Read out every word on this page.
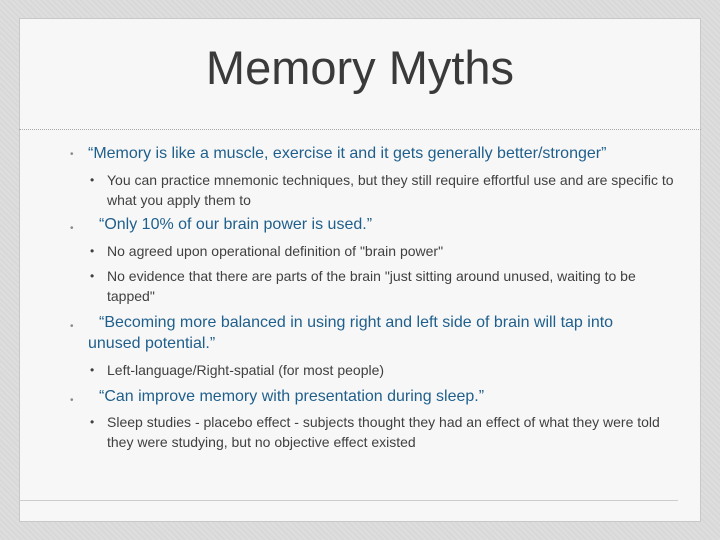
Memory Myths
• “Memory is like a muscle, exercise it and it gets generally better/stronger”
• You can practice mnemonic techniques, but they still require effortful use and are specific to what you apply them to
• “Only 10% of our brain power is used.”
• No agreed upon operational definition of "brain power"
• No evidence that there are parts of the brain "just sitting around unused, waiting to be tapped"
• “Becoming more balanced in using right and left side of brain will tap into unused potential.”
• Left-language/Right-spatial (for most people)
• “Can improve memory with presentation during sleep.”
• Sleep studies - placebo effect - subjects thought they had an effect of what they were told they were studying, but no objective effect existed
